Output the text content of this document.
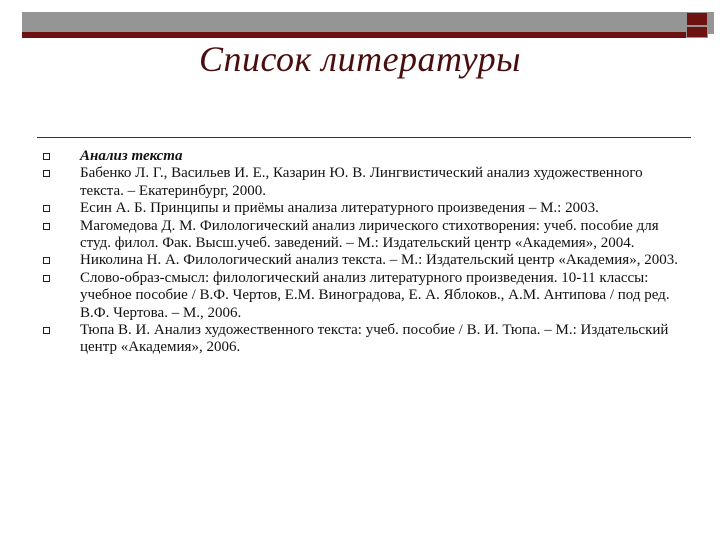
Список литературы
Анализ текста
Бабенко Л. Г., Васильев И. Е., Казарин Ю. В. Лингвистический анализ художественного текста. – Екатеринбург, 2000.
Есин А. Б. Принципы и приёмы анализа литературного произведения – М.: 2003.
Магомедова Д. М. Филологический анализ лирического стихотворения: учеб. пособие для студ. филол. Фак. Высш.учеб. заведений. – М.: Издательский центр «Академия», 2004.
Николина Н. А. Филологический анализ текста. – М.: Издательский центр «Академия», 2003.
Слово-образ-смысл: филологический анализ литературного произведения. 10-11 классы: учебное пособие / В.Ф. Чертов, Е.М. Виноградова, Е. А. Яблоков., А.М. Антипова / под ред. В.Ф. Чертова. – М., 2006.
Тюпа В. И. Анализ художественного текста: учеб. пособие / В. И. Тюпа. – М.: Издательский центр «Академия», 2006.
